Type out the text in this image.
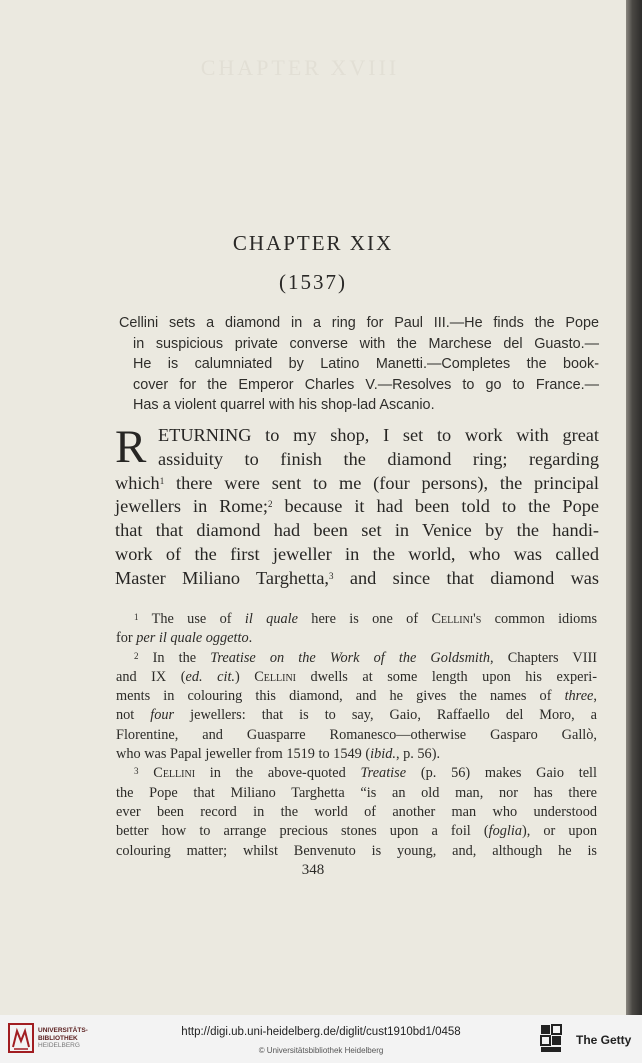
CHAPTER XVIII
CHAPTER XIX
(1537)
Cellini sets a diamond in a ring for Paul III.—He finds the Pope
in suspicious private converse with the Marchese del Guasto.—
He is calumniated by Latino Manetti.—Completes the book-
cover for the Emperor Charles V.—Resolves to go to France.—
Has a violent quarrel with his shop-lad Ascanio.
R ETURNING to my shop, I set to work with great
assiduity to finish the diamond ring; regarding
which$^1$ there were sent to me (four persons), the principal
jewellers in Rome;$^2$ because it had been told to the Pope
that that diamond had been set in Venice by the handi-
work of the first jeweller in the world, who was called
Master Miliano Targhetta,$^3$ and since that diamond was
$^1$ The use of il quale here is one of Cellini's common idioms
for per il quale oggetto.
$^2$ In the Treatise on the Work of the Goldsmith, Chapters VIII
and IX (ed. cit.) Cellini dwells at some length upon his experi-
ments in colouring this diamond, and he gives the names of three,
not four jewellers: that is to say, Gaio, Raffaello del Moro, a
Florentine, and Guasparre Romanesco—otherwise Gasparo Gallò,
who was Papal jeweller from 1519 to 1549 (ibid., p. 56).
$^3$ Cellini in the above-quoted Treatise (p. 56) makes Gaio tell
the Pope that Miliano Targhetta “is an old man, nor has there
ever been record in the world of another man who understood
better how to arrange precious stones upon a foil (foglia), or upon
colouring matter; whilst Benvenuto is young, and, although he is
348
UNIVERSITÄTS-
BIBLIOTHEK
HEIDELBERG
http://digi.ub.uni-heidelberg.de/diglit/cust1910bd1/0458
© Universitätsbibliothek Heidelberg
The Getty
